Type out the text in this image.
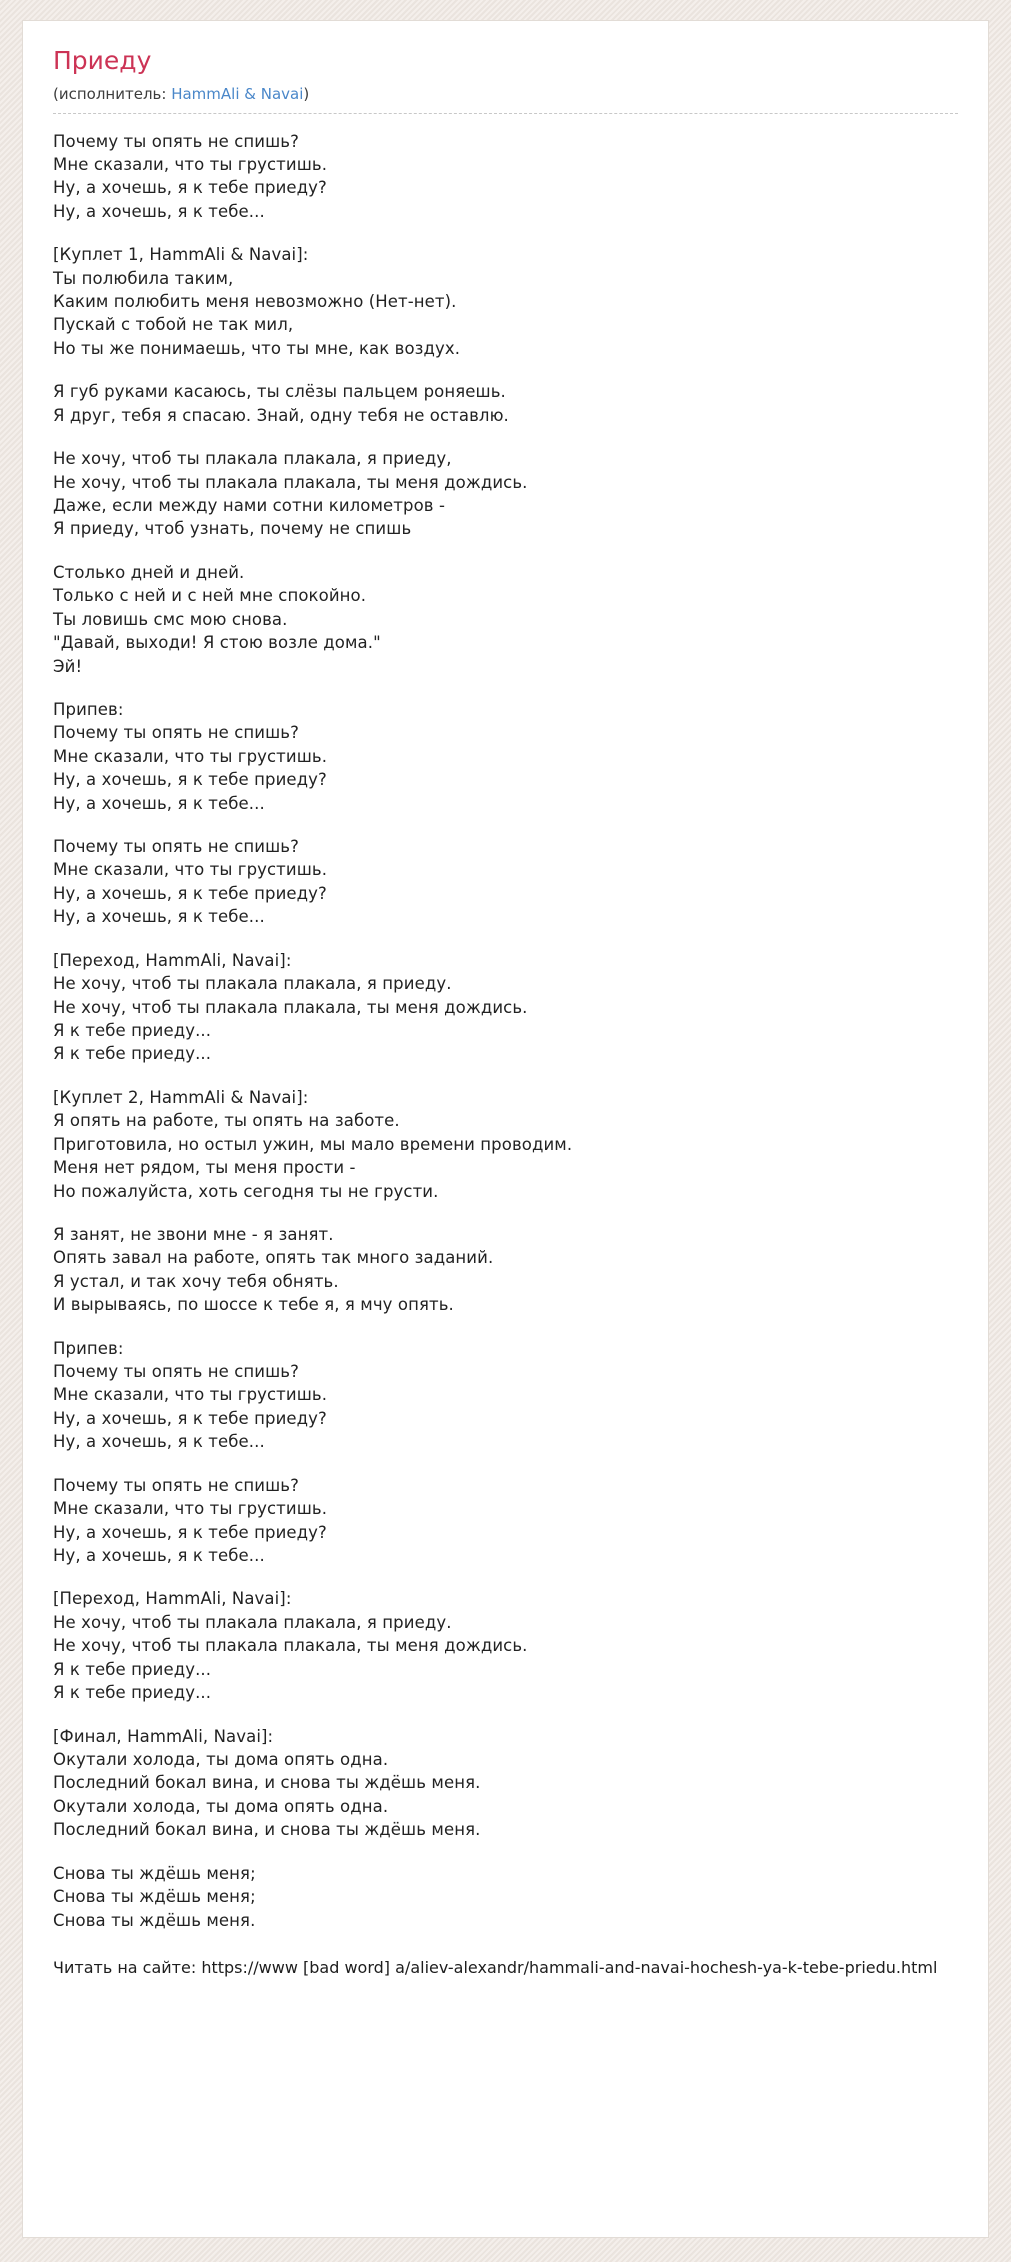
Приеду
(исполнитель: HammAli & Navai)

Почему ты опять не спишь?
Мне сказали, что ты грустишь.
Ну, а хочешь, я к тебе приеду?
Ну, а хочешь, я к тебе...

[Куплет 1, HammAli & Navai]:
Ты полюбила таким,
Каким полюбить меня невозможно (Нет-нет).
Пускай с тобой не так мил,
Но ты же понимаешь, что ты мне, как воздух.

Я губ руками касаюсь, ты слёзы пальцем роняешь.
Я друг, тебя я спасаю. Знай, одну тебя не оставлю.

Не хочу, чтоб ты плакала плакала, я приеду,
Не хочу, чтоб ты плакала плакала, ты меня дождись.
Даже, если между нами сотни километров -
Я приеду, чтоб узнать, почему не спишь

Столько дней и дней.
Только с ней и с ней мне спокойно.
Ты ловишь смс мою снова.
"Давай, выходи! Я стою возле дома."
Эй!

Припев:
Почему ты опять не спишь?
Мне сказали, что ты грустишь.
Ну, а хочешь, я к тебе приеду?
Ну, а хочешь, я к тебе...

Почему ты опять не спишь?
Мне сказали, что ты грустишь.
Ну, а хочешь, я к тебе приеду?
Ну, а хочешь, я к тебе...

[Переход, HammAli, Navai]:
Не хочу, чтоб ты плакала плакала, я приеду.
Не хочу, чтоб ты плакала плакала, ты меня дождись.
Я к тебе приеду...
Я к тебе приеду...

[Куплет 2, HammAli & Navai]:
Я опять на работе, ты опять на заботе.
Приготовила, но остыл ужин, мы мало времени проводим.
Меня нет рядом, ты меня прости -
Но пожалуйста, хоть сегодня ты не грусти.

Я занят, не звони мне - я занят.
Опять завал на работе, опять так много заданий.
Я устал, и так хочу тебя обнять.
И вырываясь, по шоссе к тебе я, я мчу опять.

Припев:
Почему ты опять не спишь?
Мне сказали, что ты грустишь.
Ну, а хочешь, я к тебе приеду?
Ну, а хочешь, я к тебе...

Почему ты опять не спишь?
Мне сказали, что ты грустишь.
Ну, а хочешь, я к тебе приеду?
Ну, а хочешь, я к тебе...

[Переход, HammAli, Navai]:
Не хочу, чтоб ты плакала плакала, я приеду.
Не хочу, чтоб ты плакала плакала, ты меня дождись.
Я к тебе приеду...
Я к тебе приеду...

[Финал, HammAli, Navai]:
Окутали холода, ты дома опять одна.
Последний бокал вина, и снова ты ждёшь меня.
Окутали холода, ты дома опять одна.
Последний бокал вина, и снова ты ждёшь меня.

Снова ты ждёшь меня;
Снова ты ждёшь меня;
Снова ты ждёшь меня.

Читать на сайте: https://www [bad word] a/aliev-alexandr/hammali-and-navai-hochesh-ya-k-tebe-priedu.html
